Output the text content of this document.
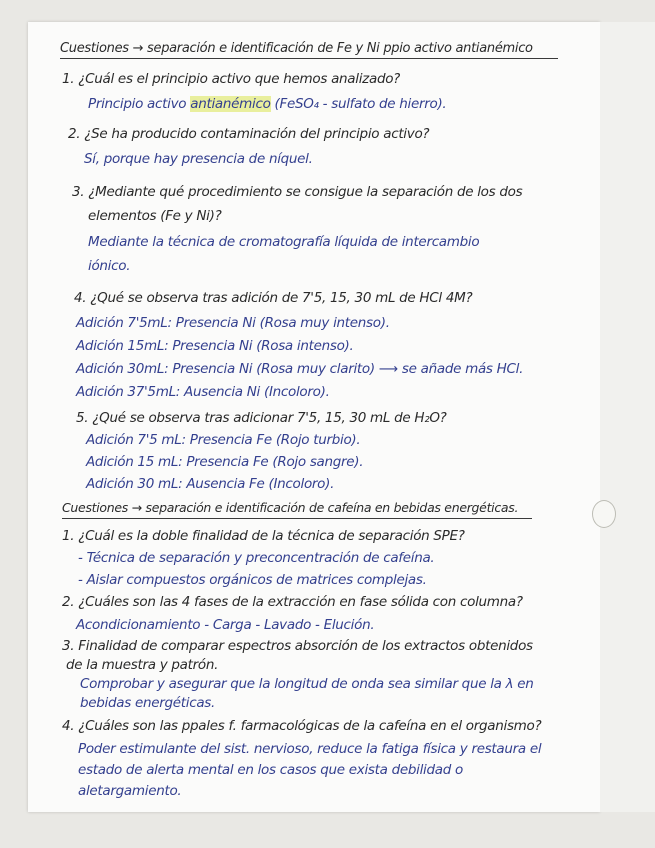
Cuestiones → separación e identificación de Fe y Ni ppio activo antianémico
1. ¿Cuál es el principio activo que hemos analizado?
Principio activo antianémico (FeSO₄ - sulfato de hierro).
2. ¿Se ha producido contaminación del principio activo?
Sí, porque hay presencia de níquel.
3. ¿Mediante qué procedimiento se consigue la separación de los dos
elementos (Fe y Ni)?
Mediante la técnica de cromatografía líquida de intercambio
iónico.
4. ¿Qué se observa tras adición de 7'5, 15, 30 mL de HCl 4M?
Adición 7'5mL: Presencia Ni (Rosa muy intenso).
Adición 15mL: Presencia Ni (Rosa intenso).
Adición 30mL: Presencia Ni (Rosa muy clarito) ⟶ se añade más HCl.
Adición 37'5mL: Ausencia Ni (Incoloro).
5. ¿Qué se observa tras adicionar 7'5, 15, 30 mL de H₂O?
Adición 7'5 mL: Presencia Fe (Rojo turbio).
Adición 15 mL: Presencia Fe (Rojo sangre).
Adición 30 mL: Ausencia Fe (Incoloro).
Cuestiones → separación e identificación de cafeína en bebidas energéticas.
1. ¿Cuál es la doble finalidad de la técnica de separación SPE?
- Técnica de separación y preconcentración de cafeína.
- Aislar compuestos orgánicos de matrices complejas.
2. ¿Cuáles son las 4 fases de la extracción en fase sólida con columna?
Acondicionamiento - Carga - Lavado - Elución.
3. Finalidad de comparar espectros absorción de los extractos obtenidos
de la muestra y patrón.
Comprobar y asegurar que la longitud de onda sea similar que la λ en
bebidas energéticas.
4. ¿Cuáles son las ppales f. farmacológicas de la cafeína en el organismo?
Poder estimulante del sist. nervioso, reduce la fatiga física y restaura el
estado de alerta mental en los casos que exista debilidad o
aletargamiento.
